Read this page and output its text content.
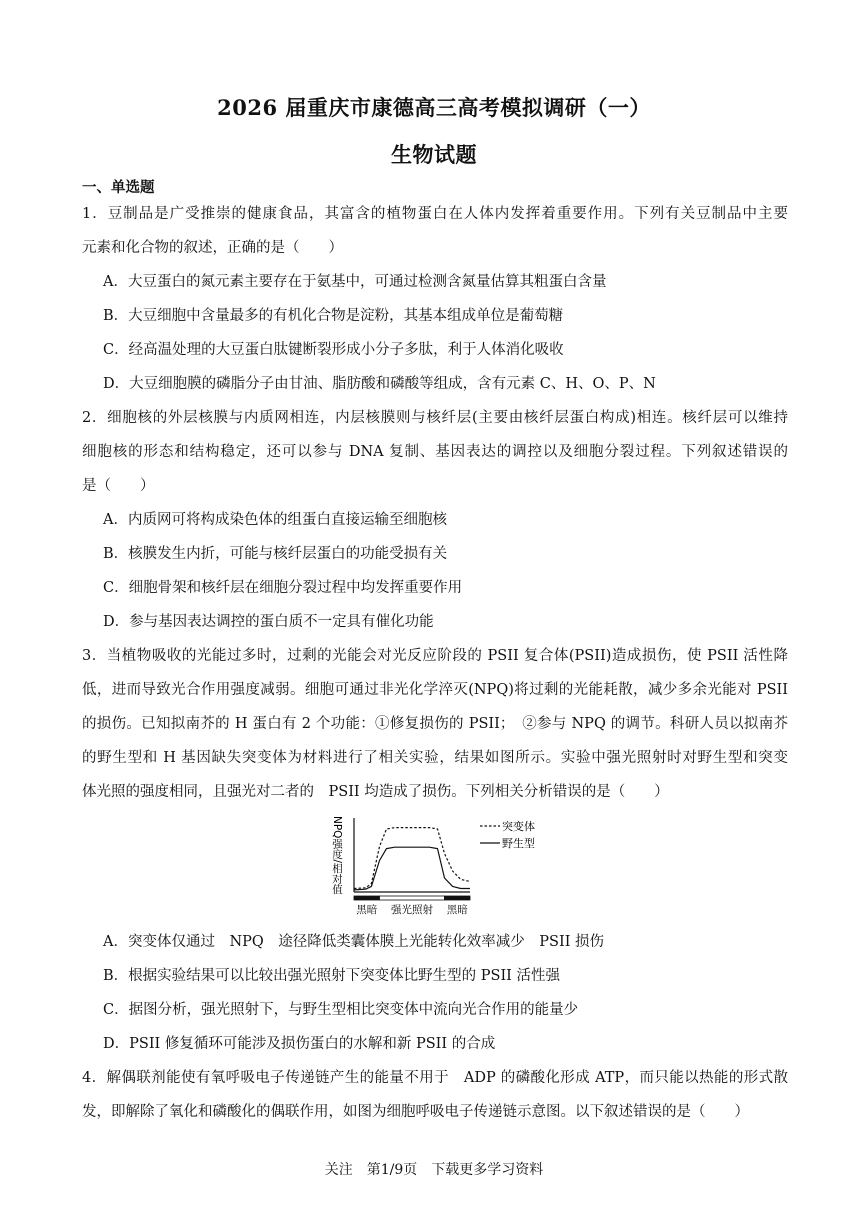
2026 届重庆市康德高三高考模拟调研（一）
生物试题
一、单选题
1．豆制品是广受推崇的健康食品，其富含的植物蛋白在人体内发挥着重要作用。下列有关豆制品中主要
元素和化合物的叙述，正确的是（　　）
A．大豆蛋白的氮元素主要存在于氨基中，可通过检测含氮量估算其粗蛋白含量
B．大豆细胞中含量最多的有机化合物是淀粉，其基本组成单位是葡萄糖
C．经高温处理的大豆蛋白肽键断裂形成小分子多肽，利于人体消化吸收
D．大豆细胞膜的磷脂分子由甘油、脂肪酸和磷酸等组成，含有元素 C、H、O、P、N
2．细胞核的外层核膜与内质网相连，内层核膜则与核纤层(主要由核纤层蛋白构成)相连。核纤层可以维持
细胞核的形态和结构稳定，还可以参与 DNA 复制、基因表达的调控以及细胞分裂过程。下列叙述错误的
是（　　）
A．内质网可将构成染色体的组蛋白直接运输至细胞核
B．核膜发生内折，可能与核纤层蛋白的功能受损有关
C．细胞骨架和核纤层在细胞分裂过程中均发挥重要作用
D．参与基因表达调控的蛋白质不一定具有催化功能
3．当植物吸收的光能过多时，过剩的光能会对光反应阶段的 PSII 复合体(PSII)造成损伤，使 PSII 活性降
低，进而导致光合作用强度减弱。细胞可通过非光化学淬灭(NPQ)将过剩的光能耗散，减少多余光能对 PSII
的损伤。已知拟南芥的 H 蛋白有 2 个功能：①修复损伤的 PSII；　②参与 NPQ 的调节。科研人员以拟南芥
的野生型和 H 基因缺失突变体为材料进行了相关实验，结果如图所示。实验中强光照射时对野生型和突变
体光照的强度相同，且强光对二者的　PSII 均造成了损伤。下列相关分析错误的是（　　）
NPQ强度/相对值	突变体
野生型
黑暗 强光照射 黑暗
A．突变体仅通过　NPQ　途径降低类囊体膜上光能转化效率减少　PSII 损伤
B．根据实验结果可以比较出强光照射下突变体比野生型的 PSII 活性强
C．据图分析，强光照射下，与野生型相比突变体中流向光合作用的能量少
D．PSII 修复循环可能涉及损伤蛋白的水解和新 PSII 的合成
4．解偶联剂能使有氧呼吸电子传递链产生的能量不用于　ADP 的磷酸化形成 ATP，而只能以热能的形式散
发，即解除了氧化和磷酸化的偶联作用，如图为细胞呼吸电子传递链示意图。以下叙述错误的是（　　）
关注　第1/9页　下载更多学习资料
